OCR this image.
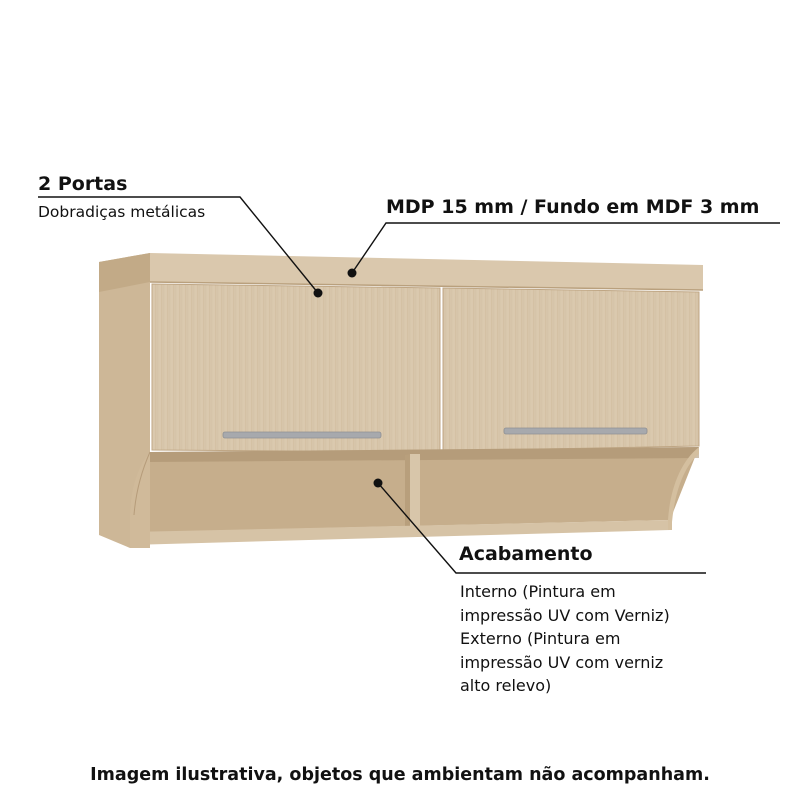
2 Portas
Dobradiças metálicas	MDP 15 mm / Fundo em MDF 3 mm
Acabamento
Interno (Pintura em
impressão UV com Verniz)
Externo (Pintura em
impressão UV com verniz
alto relevo)
Imagem ilustrativa, objetos que ambientam não acompanham.
